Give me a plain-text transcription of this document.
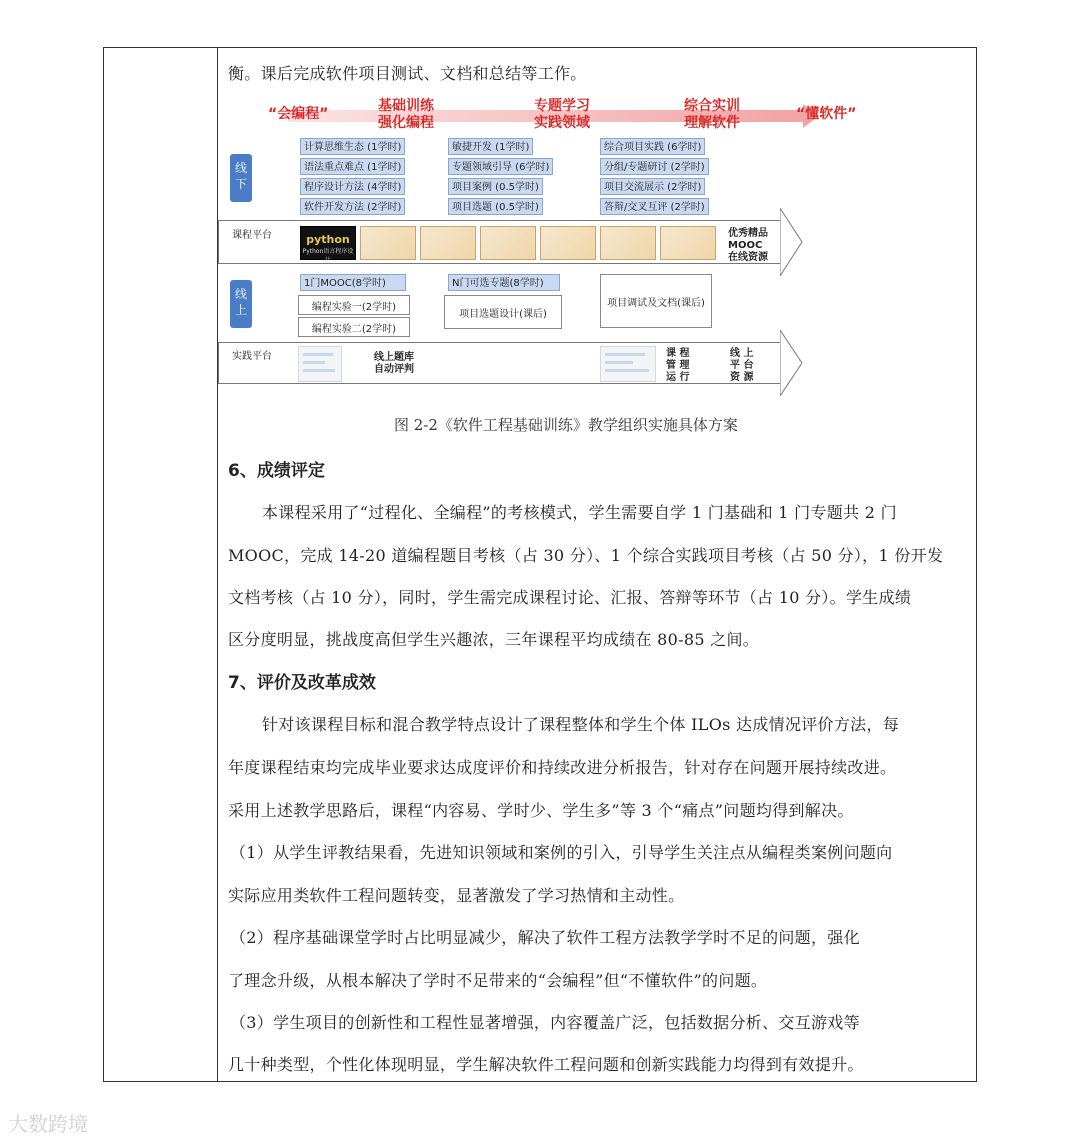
衡。课后完成软件项目测试、文档和总结等工作。
“会编程”	“懂软件”
基础训练
强化编程
专题学习
实践领域
综合实训
理解软件
线下
计算思维生态 (1学时)
语法重点难点 (1学时)
程序设计方法 (4学时)
软件开发方法 (2学时)
敏捷开发 (1学时)
专题领域引导 (6学时)
项目案例 (0.5学时)
项目选题 (0.5学时)
综合项目实践 (6学时)
分组/专题研讨 (2学时)
项目交流展示 (2学时)
答辩/交叉互评 (2学时)
课程平台	python
Python语言程序设计
优秀精品
MOOC
在线资源
线上
1门MOOC(8学时)
编程实验一(2学时)
编程实验二(2学时)
N门可选专题(8学时)
项目选题设计(课后)
项目调试及文档(课后)
实践平台	线上题库
自动评判
课 程
管 理
运 行
线 上
平 台
资 源
图 2-2《软件工程基础训练》教学组织实施具体方案
6、成绩评定
本课程采用了“过程化、全编程”的考核模式，学生需要自学 1 门基础和 1 门专题共 2 门
MOOC，完成 14-20 道编程题目考核（占 30 分）、1 个综合实践项目考核（占 50 分），1 份开发
文档考核（占 10 分），同时，学生需完成课程讨论、汇报、答辩等环节（占 10 分）。学生成绩
区分度明显，挑战度高但学生兴趣浓，三年课程平均成绩在 80-85 之间。
7、评价及改革成效
针对该课程目标和混合教学特点设计了课程整体和学生个体 ILOs 达成情况评价方法，每
年度课程结束均完成毕业要求达成度评价和持续改进分析报告，针对存在问题开展持续改进。
采用上述教学思路后，课程“内容易、学时少、学生多”等 3 个“痛点”问题均得到解决。
（1）从学生评教结果看，先进知识领域和案例的引入，引导学生关注点从编程类案例问题向
实际应用类软件工程问题转变，显著激发了学习热情和主动性。
（2）程序基础课堂学时占比明显减少，解决了软件工程方法教学学时不足的问题，强化
了理念升级，从根本解决了学时不足带来的“会编程”但“不懂软件”的问题。
（3）学生项目的创新性和工程性显著增强，内容覆盖广泛，包括数据分析、交互游戏等
几十种类型，个性化体现明显，学生解决软件工程问题和创新实践能力均得到有效提升。
大数跨境
